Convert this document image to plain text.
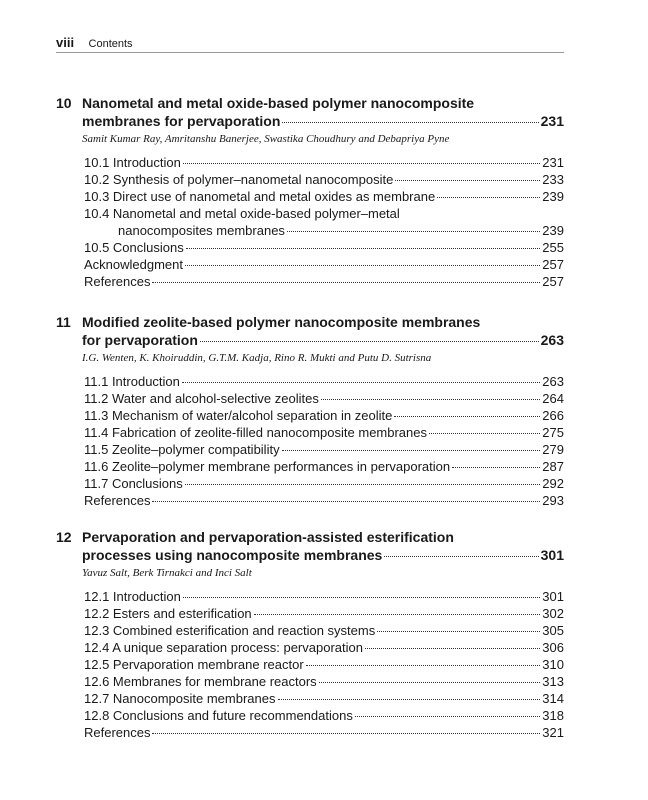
viii Contents
10 Nanometal and metal oxide-based polymer nanocomposite
membranes for pervaporation	231
Samit Kumar Ray, Amritanshu Banerjee, Swastika Choudhury and Debapriya Pyne
10.1 Introduction	231
10.2 Synthesis of polymer–nanometal nanocomposite	233
10.3 Direct use of nanometal and metal oxides as membrane	239
10.4 Nanometal and metal oxide-based polymer–metal
nanocomposites membranes	239
10.5 Conclusions	255
Acknowledgment	257
References	257
11 Modified zeolite-based polymer nanocomposite membranes
for pervaporation	263
I.G. Wenten, K. Khoiruddin, G.T.M. Kadja, Rino R. Mukti and Putu D. Sutrisna
11.1 Introduction	263
11.2 Water and alcohol-selective zeolites	264
11.3 Mechanism of water/alcohol separation in zeolite	266
11.4 Fabrication of zeolite-filled nanocomposite membranes	275
11.5 Zeolite–polymer compatibility	279
11.6 Zeolite–polymer membrane performances in pervaporation	287
11.7 Conclusions	292
References	293
12 Pervaporation and pervaporation-assisted esterification
processes using nanocomposite membranes	301
Yavuz Salt, Berk Tirnakci and Inci Salt
12.1 Introduction	301
12.2 Esters and esterification	302
12.3 Combined esterification and reaction systems	305
12.4 A unique separation process: pervaporation	306
12.5 Pervaporation membrane reactor	310
12.6 Membranes for membrane reactors	313
12.7 Nanocomposite membranes	314
12.8 Conclusions and future recommendations	318
References	321
